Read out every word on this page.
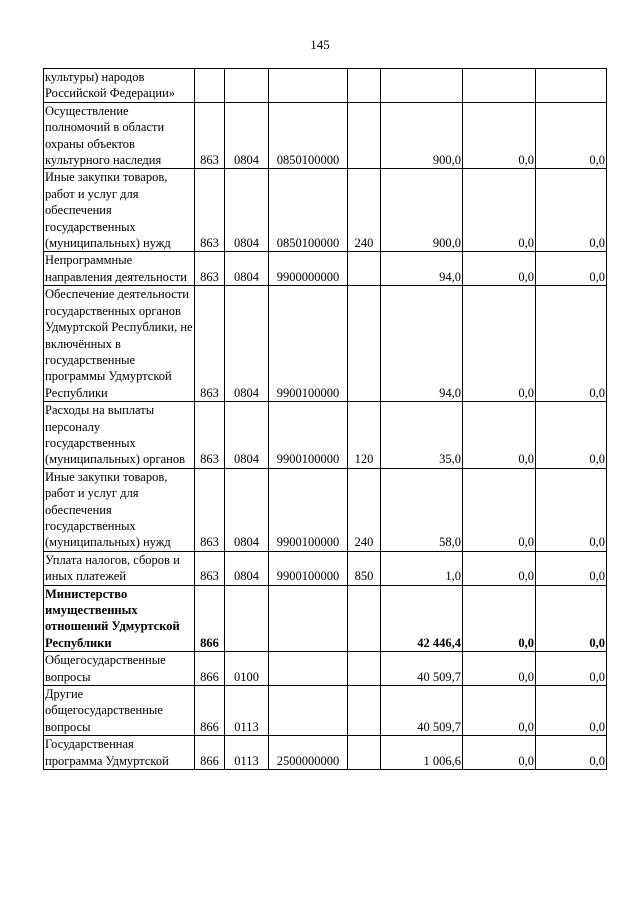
145
культуры) народов Российской Федерации»							
Осуществление полномочий в области охраны объектов культурного наследия	863	0804	0850100000		900,0	0,0	0,0
Иные закупки товаров, работ и услуг для обеспечения государственных (муниципальных) нужд	863	0804	0850100000	240	900,0	0,0	0,0
Непрограммные направления деятельности	863	0804	9900000000		94,0	0,0	0,0
Обеспечение деятельности государственных органов Удмуртской Республики, не включённых в государственные программы Удмуртской Республики	863	0804	9900100000		94,0	0,0	0,0
Расходы на выплаты персоналу государственных (муниципальных) органов	863	0804	9900100000	120	35,0	0,0	0,0
Иные закупки товаров, работ и услуг для обеспечения государственных (муниципальных) нужд	863	0804	9900100000	240	58,0	0,0	0,0
Уплата налогов, сборов и иных платежей	863	0804	9900100000	850	1,0	0,0	0,0
Министерство имущественных отношений Удмуртской Республики	866				42 446,4	0,0	0,0
Общегосударственные вопросы	866	0100			40 509,7	0,0	0,0
Другие общегосударственные вопросы	866	0113			40 509,7	0,0	0,0
Государственная программа Удмуртской	866	0113	2500000000		1 006,6	0,0	0,0
